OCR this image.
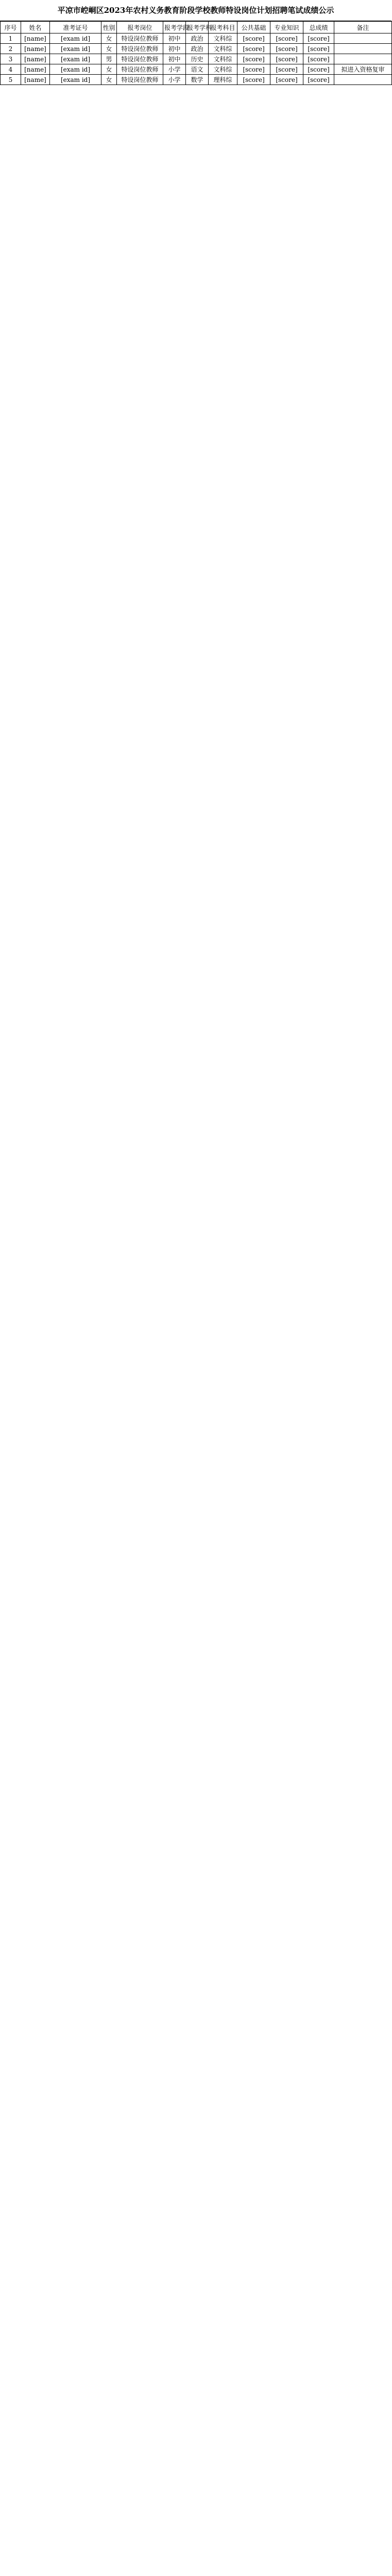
平凉市崆峒区2023年农村义务教育阶段学校教师特设岗位计划招聘笔试成绩公示
序号	姓名	准考证号	性别	报考岗位	报考学段	报考学科	报考科目	公共基础	专业知识	总成绩	备注
1	[name]	[exam id]	女	特设岗位教师	初中	政治	文科综	[score]	[score]	[score]	
2	[name]	[exam id]	女	特设岗位教师	初中	政治	文科综	[score]	[score]	[score]	
3	[name]	[exam id]	男	特设岗位教师	初中	历史	文科综	[score]	[score]	[score]	
4	[name]	[exam id]	女	特设岗位教师	小学	语文	文科综	[score]	[score]	[score]	拟进入资格复审
5	[name]	[exam id]	女	特设岗位教师	小学	数学	理科综	[score]	[score]	[score]	
